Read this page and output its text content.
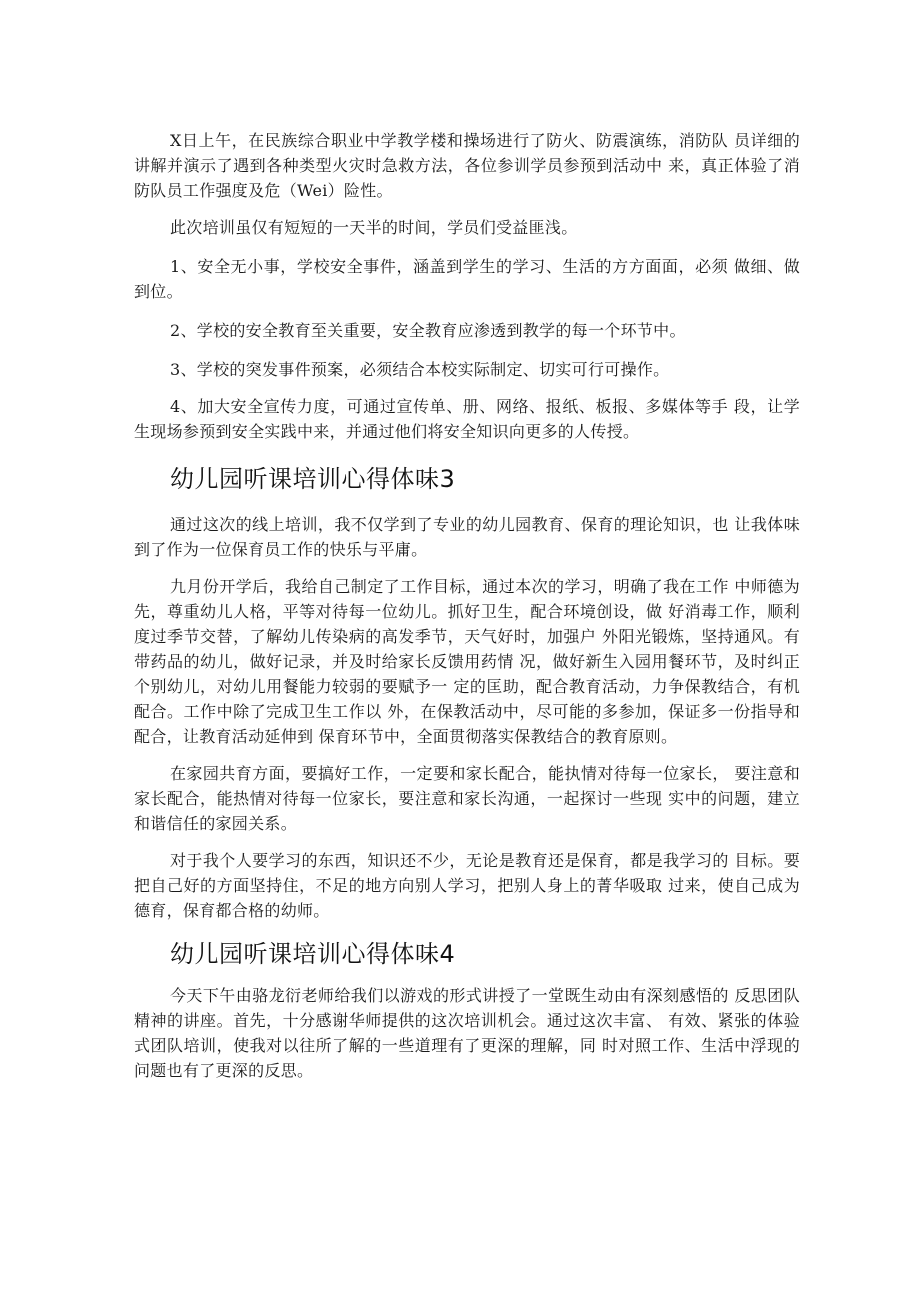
X日上午，在民族综合职业中学教学楼和操场进行了防火、防震演练，消防队 员详细的讲解并演示了遇到各种类型火灾时急救方法，各位参训学员参预到活动中 来，真正体验了消防队员工作强度及危（Wei）险性。

此次培训虽仅有短短的一天半的时间，学员们受益匪浅。

1、安全无小事，学校安全事件，涵盖到学生的学习、生活的方方面面，必须 做细、做到位。

2、学校的安全教育至关重要，安全教育应渗透到教学的每一个环节中。

3、学校的突发事件预案，必须结合本校实际制定、切实可行可操作。

4、加大安全宣传力度，可通过宣传单、册、网络、报纸、板报、多媒体等手 段，让学生现场参预到安全实践中来，并通过他们将安全知识向更多的人传授。

幼儿园听课培训心得体味3

通过这次的线上培训，我不仅学到了专业的幼儿园教育、保育的理论知识，也 让我体味到了作为一位保育员工作的快乐与平庸。

九月份开学后，我给自己制定了工作目标，通过本次的学习，明确了我在工作 中师德为先，尊重幼儿人格，平等对待每一位幼儿。抓好卫生，配合环境创设，做 好消毒工作，顺利度过季节交替，了解幼儿传染病的高发季节，天气好时，加强户 外阳光锻炼，坚持通风。有带药品的幼儿，做好记录，并及时给家长反馈用药情 况，做好新生入园用餐环节，及时纠正个别幼儿，对幼儿用餐能力较弱的要赋予一 定的匡助，配合教育活动，力争保教结合，有机配合。工作中除了完成卫生工作以 外，在保教活动中，尽可能的多参加，保证多一份指导和配合，让教育活动延伸到 保育环节中，全面贯彻落实保教结合的教育原则。

在家园共育方面，要搞好工作，一定要和家长配合，能执情对待每一位家长， 要注意和家长配合，能热情对待每一位家长，要注意和家长沟通，一起探讨一些现 实中的问题，建立和谐信任的家园关系。

对于我个人要学习的东西，知识还不少，无论是教育还是保育，都是我学习的 目标。要把自己好的方面坚持住，不足的地方向别人学习，把别人身上的菁华吸取 过来，使自己成为德育，保育都合格的幼师。

幼儿园听课培训心得体味4

今天下午由骆龙衍老师给我们以游戏的形式讲授了一堂既生动由有深刻感悟的 反思团队精神的讲座。首先，十分感谢华师提供的这次培训机会。通过这次丰富、 有效、紧张的体验式团队培训，使我对以往所了解的一些道理有了更深的理解，同 时对照工作、生活中浮现的问题也有了更深的反思。
